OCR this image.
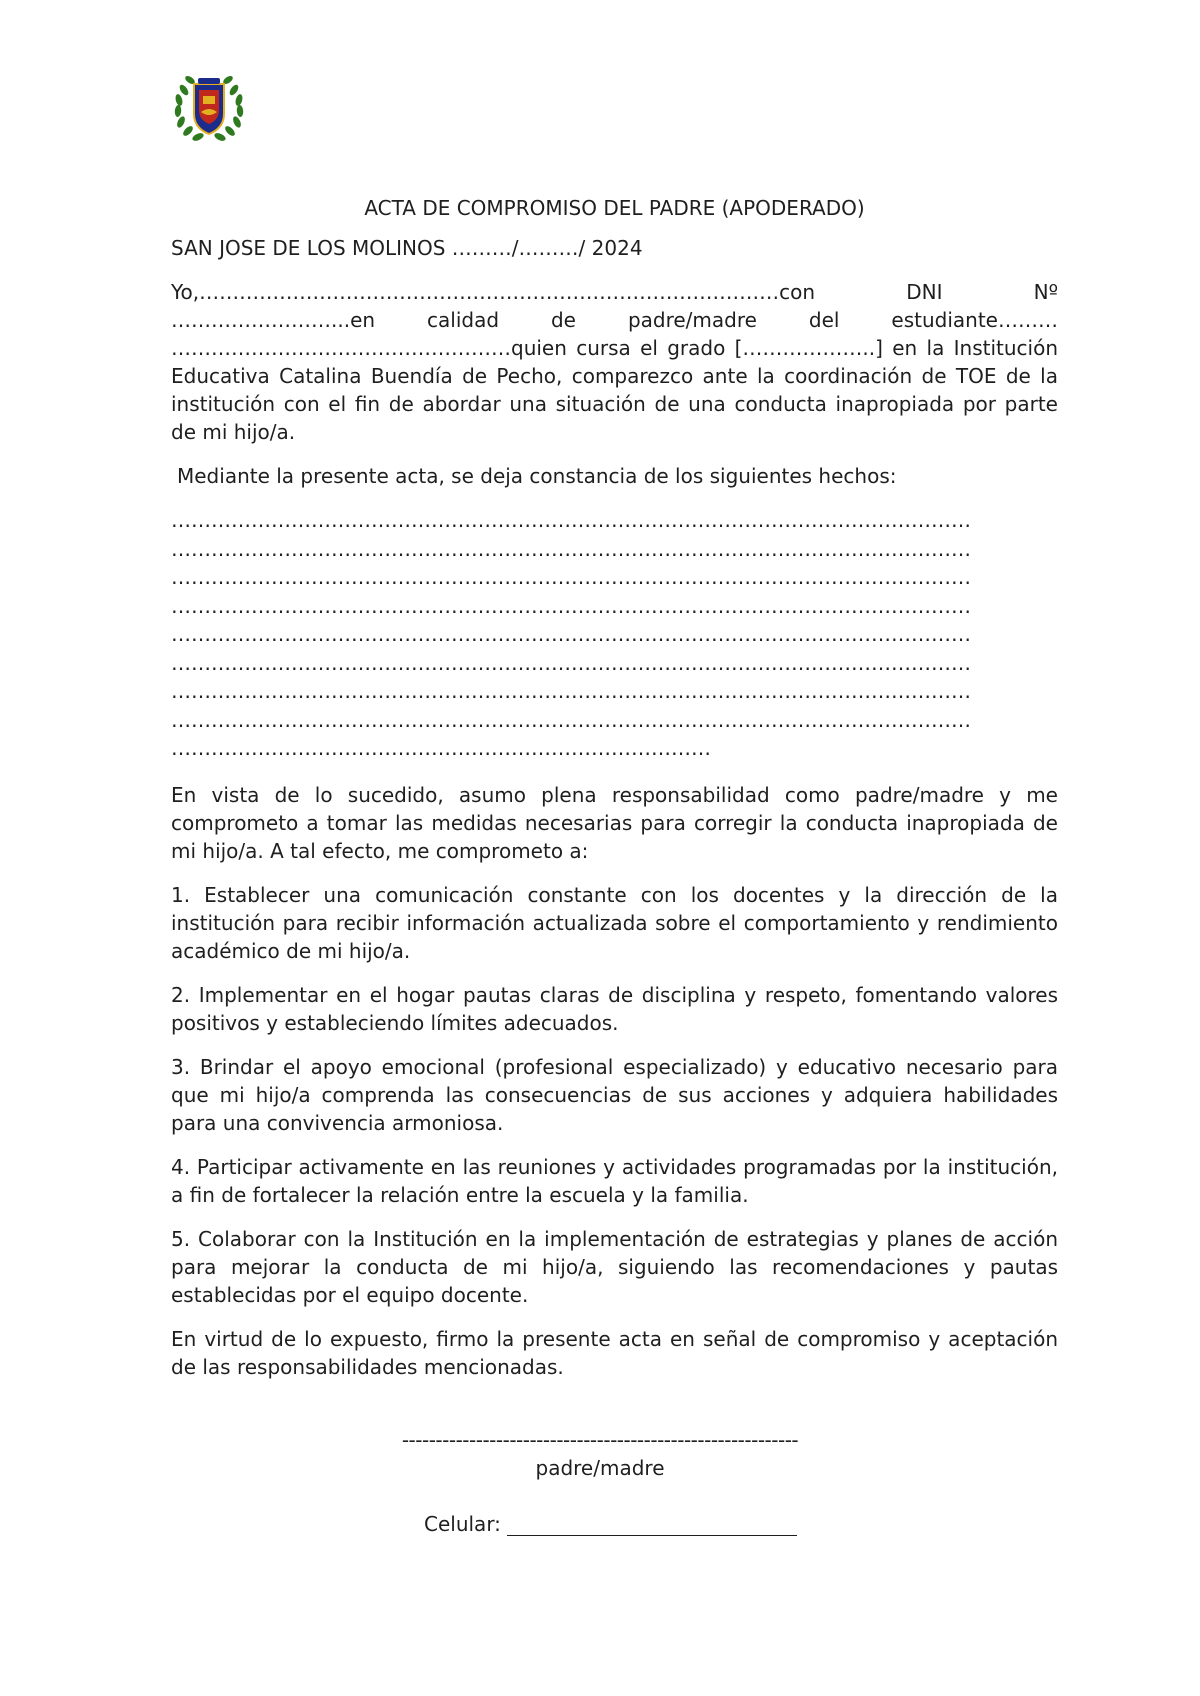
ACTA DE COMPROMISO DEL PADRE (APODERADO)
SAN JOSE DE LOS MOLINOS ………/………/ 2024
Yo,……………………………………………………………………………con DNI Nº
……………………...en calidad de padre/madre del estudiante………
……………………………………………quien cursa el grado [………………..] en la Institución Educativa Catalina Buendía de Pecho, comparezco ante la coordinación de TOE de la institución con el fin de abordar una situación de una conducta inapropiada por parte de mi hijo/a.
Mediante la presente acta, se deja constancia de los siguientes hechos:
…………………………………………………………………………………………………………
…………………………………………………………………………………………………………
…………………………………………………………………………………………………………
…………………………………………………………………………………………………………
…………………………………………………………………………………………………………
…………………………………………………………………………………………………………
…………………………………………………………………………………………………………
…………………………………………………………………………………………………………
………………………………………………………………………
En vista de lo sucedido, asumo plena responsabilidad como padre/madre y me comprometo a tomar las medidas necesarias para corregir la conducta inapropiada de mi hijo/a. A tal efecto, me comprometo a:
1. Establecer una comunicación constante con los docentes y la dirección de la institución para recibir información actualizada sobre el comportamiento y rendimiento académico de mi hijo/a.
2. Implementar en el hogar pautas claras de disciplina y respeto, fomentando valores positivos y estableciendo límites adecuados.
3. Brindar el apoyo emocional (profesional especializado) y educativo necesario para que mi hijo/a comprenda las consecuencias de sus acciones y adquiera habilidades para una convivencia armoniosa.
4. Participar activamente en las reuniones y actividades programadas por la institución, a fin de fortalecer la relación entre la escuela y la familia.
5. Colaborar con la Institución en la implementación de estrategias y planes de acción para mejorar la conducta de mi hijo/a, siguiendo las recomendaciones y pautas establecidas por el equipo docente.
En virtud de lo expuesto, firmo la presente acta en señal de compromiso y aceptación de las responsabilidades mencionadas.
-----------------------------------------------------------
padre/madre
Celular:
